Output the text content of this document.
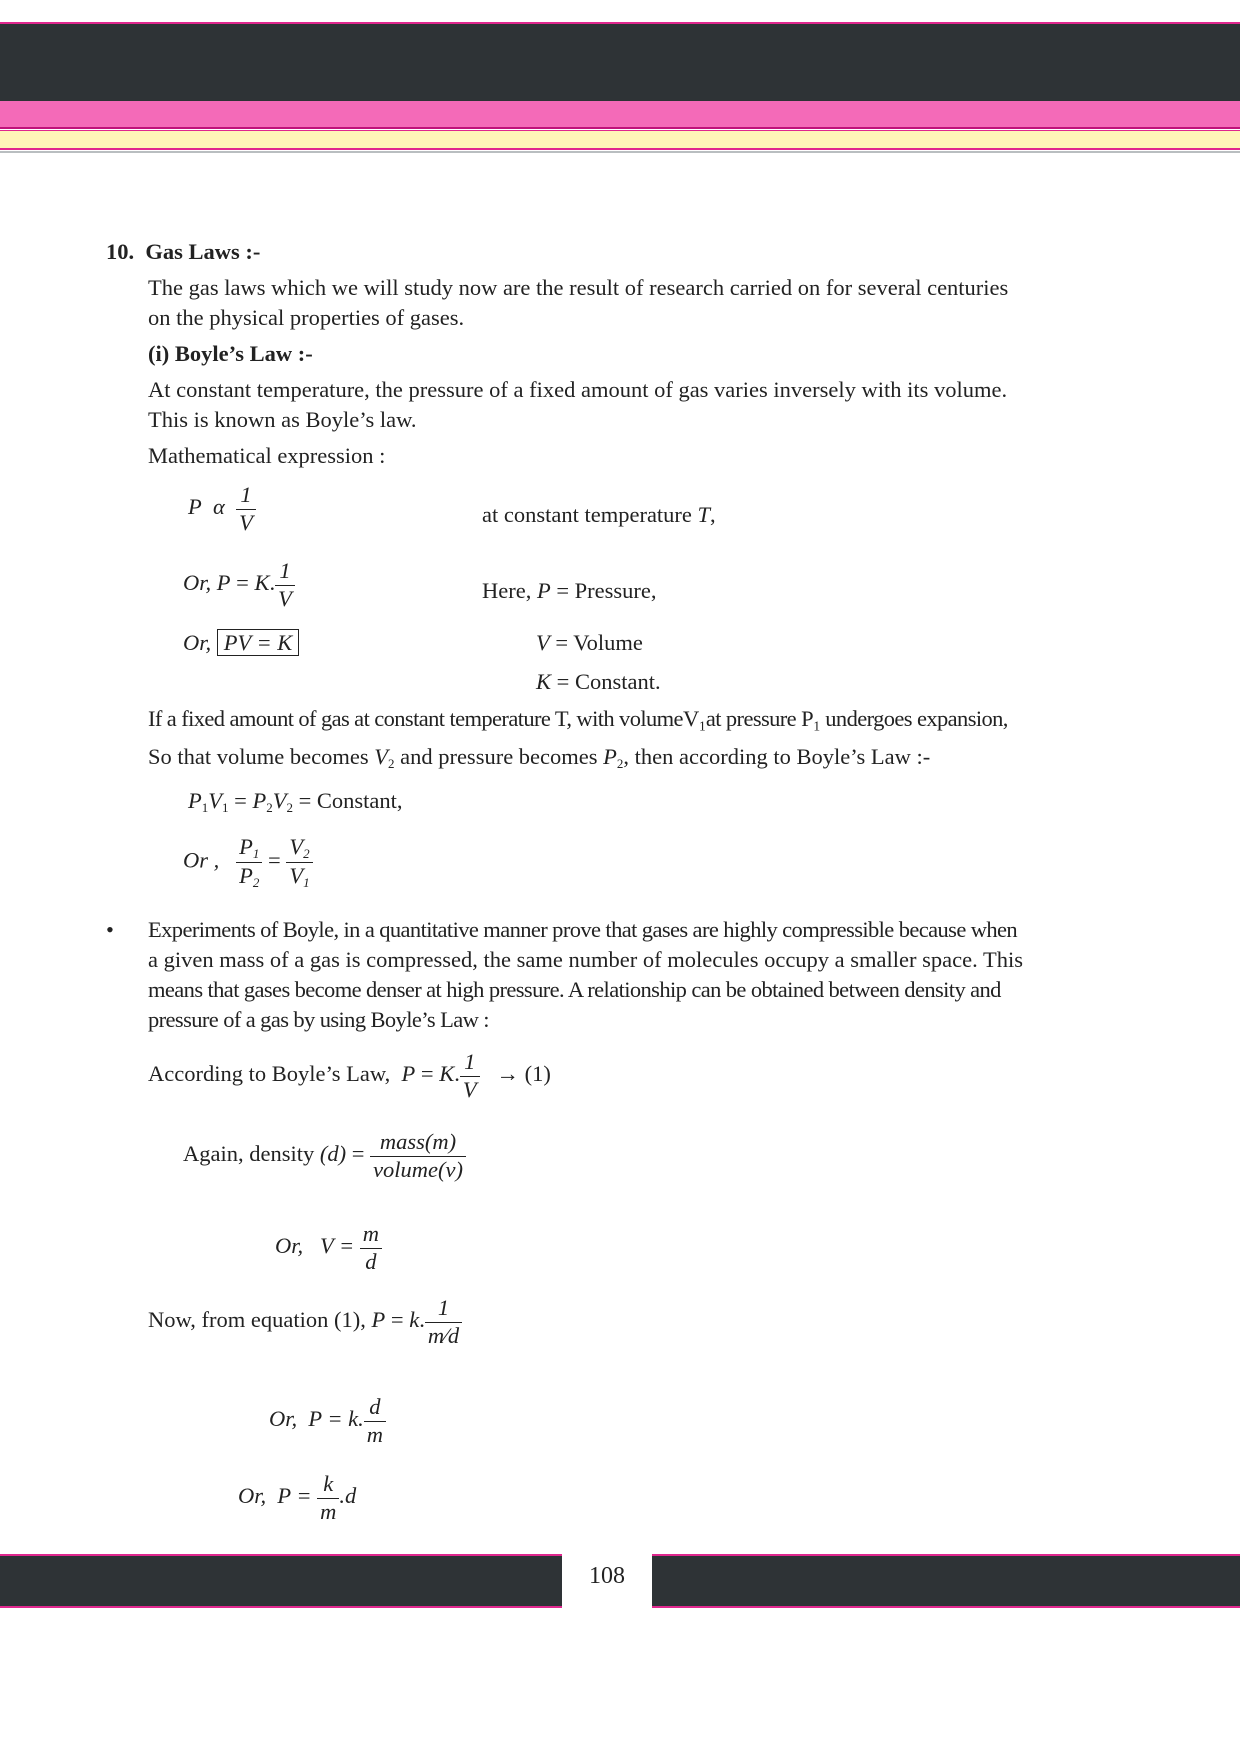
10. Gas Laws :-
The gas laws which we will study now are the result of research carried on for several centuries
on the physical properties of gases.
(i) Boyle’s Law :-
At constant temperature, the pressure of a fixed amount of gas varies inversely with its volume.
This is known as Boyle’s law.
Mathematical expression :
P α $\frac{1}{V}$	at constant temperature T,
Or, P = K. $\frac{1}{V}$	Here, P = Pressure,
Or, PV = K	V = Volume
K = Constant.
If a fixed amount of gas at constant temperature T, with volumeV₁at pressure P₁ undergoes expansion,
So that volume becomes $V_2$ and pressure becomes $P_2$, then according to Boyle’s Law :-
$P_1V_1 = P_2V_2$ = Constant,
Or , $\frac{P_1}{P_2} = \frac{V_2}{V_1}$
• Experiments of Boyle, in a quantitative manner prove that gases are highly compressible because when
a given mass of a gas is compressed, the same number of molecules occupy a smaller space. This
means that gases become denser at high pressure. A relationship can be obtained between density and
pressure of a gas by using Boyle’s Law :
According to Boyle’s Law,  P = K. $\frac{1}{V} \to (1)$
Again, density $(d) = \frac{\text{mass(m)}}{\text{volume(v)}}$
Or, $V = \frac{m}{d}$
Now, from equation (1), P = k. $\frac{1}{m⁄d}$
Or, P = k. $\frac{d}{m}$
Or, $P = \frac{k}{m} .d$
108
